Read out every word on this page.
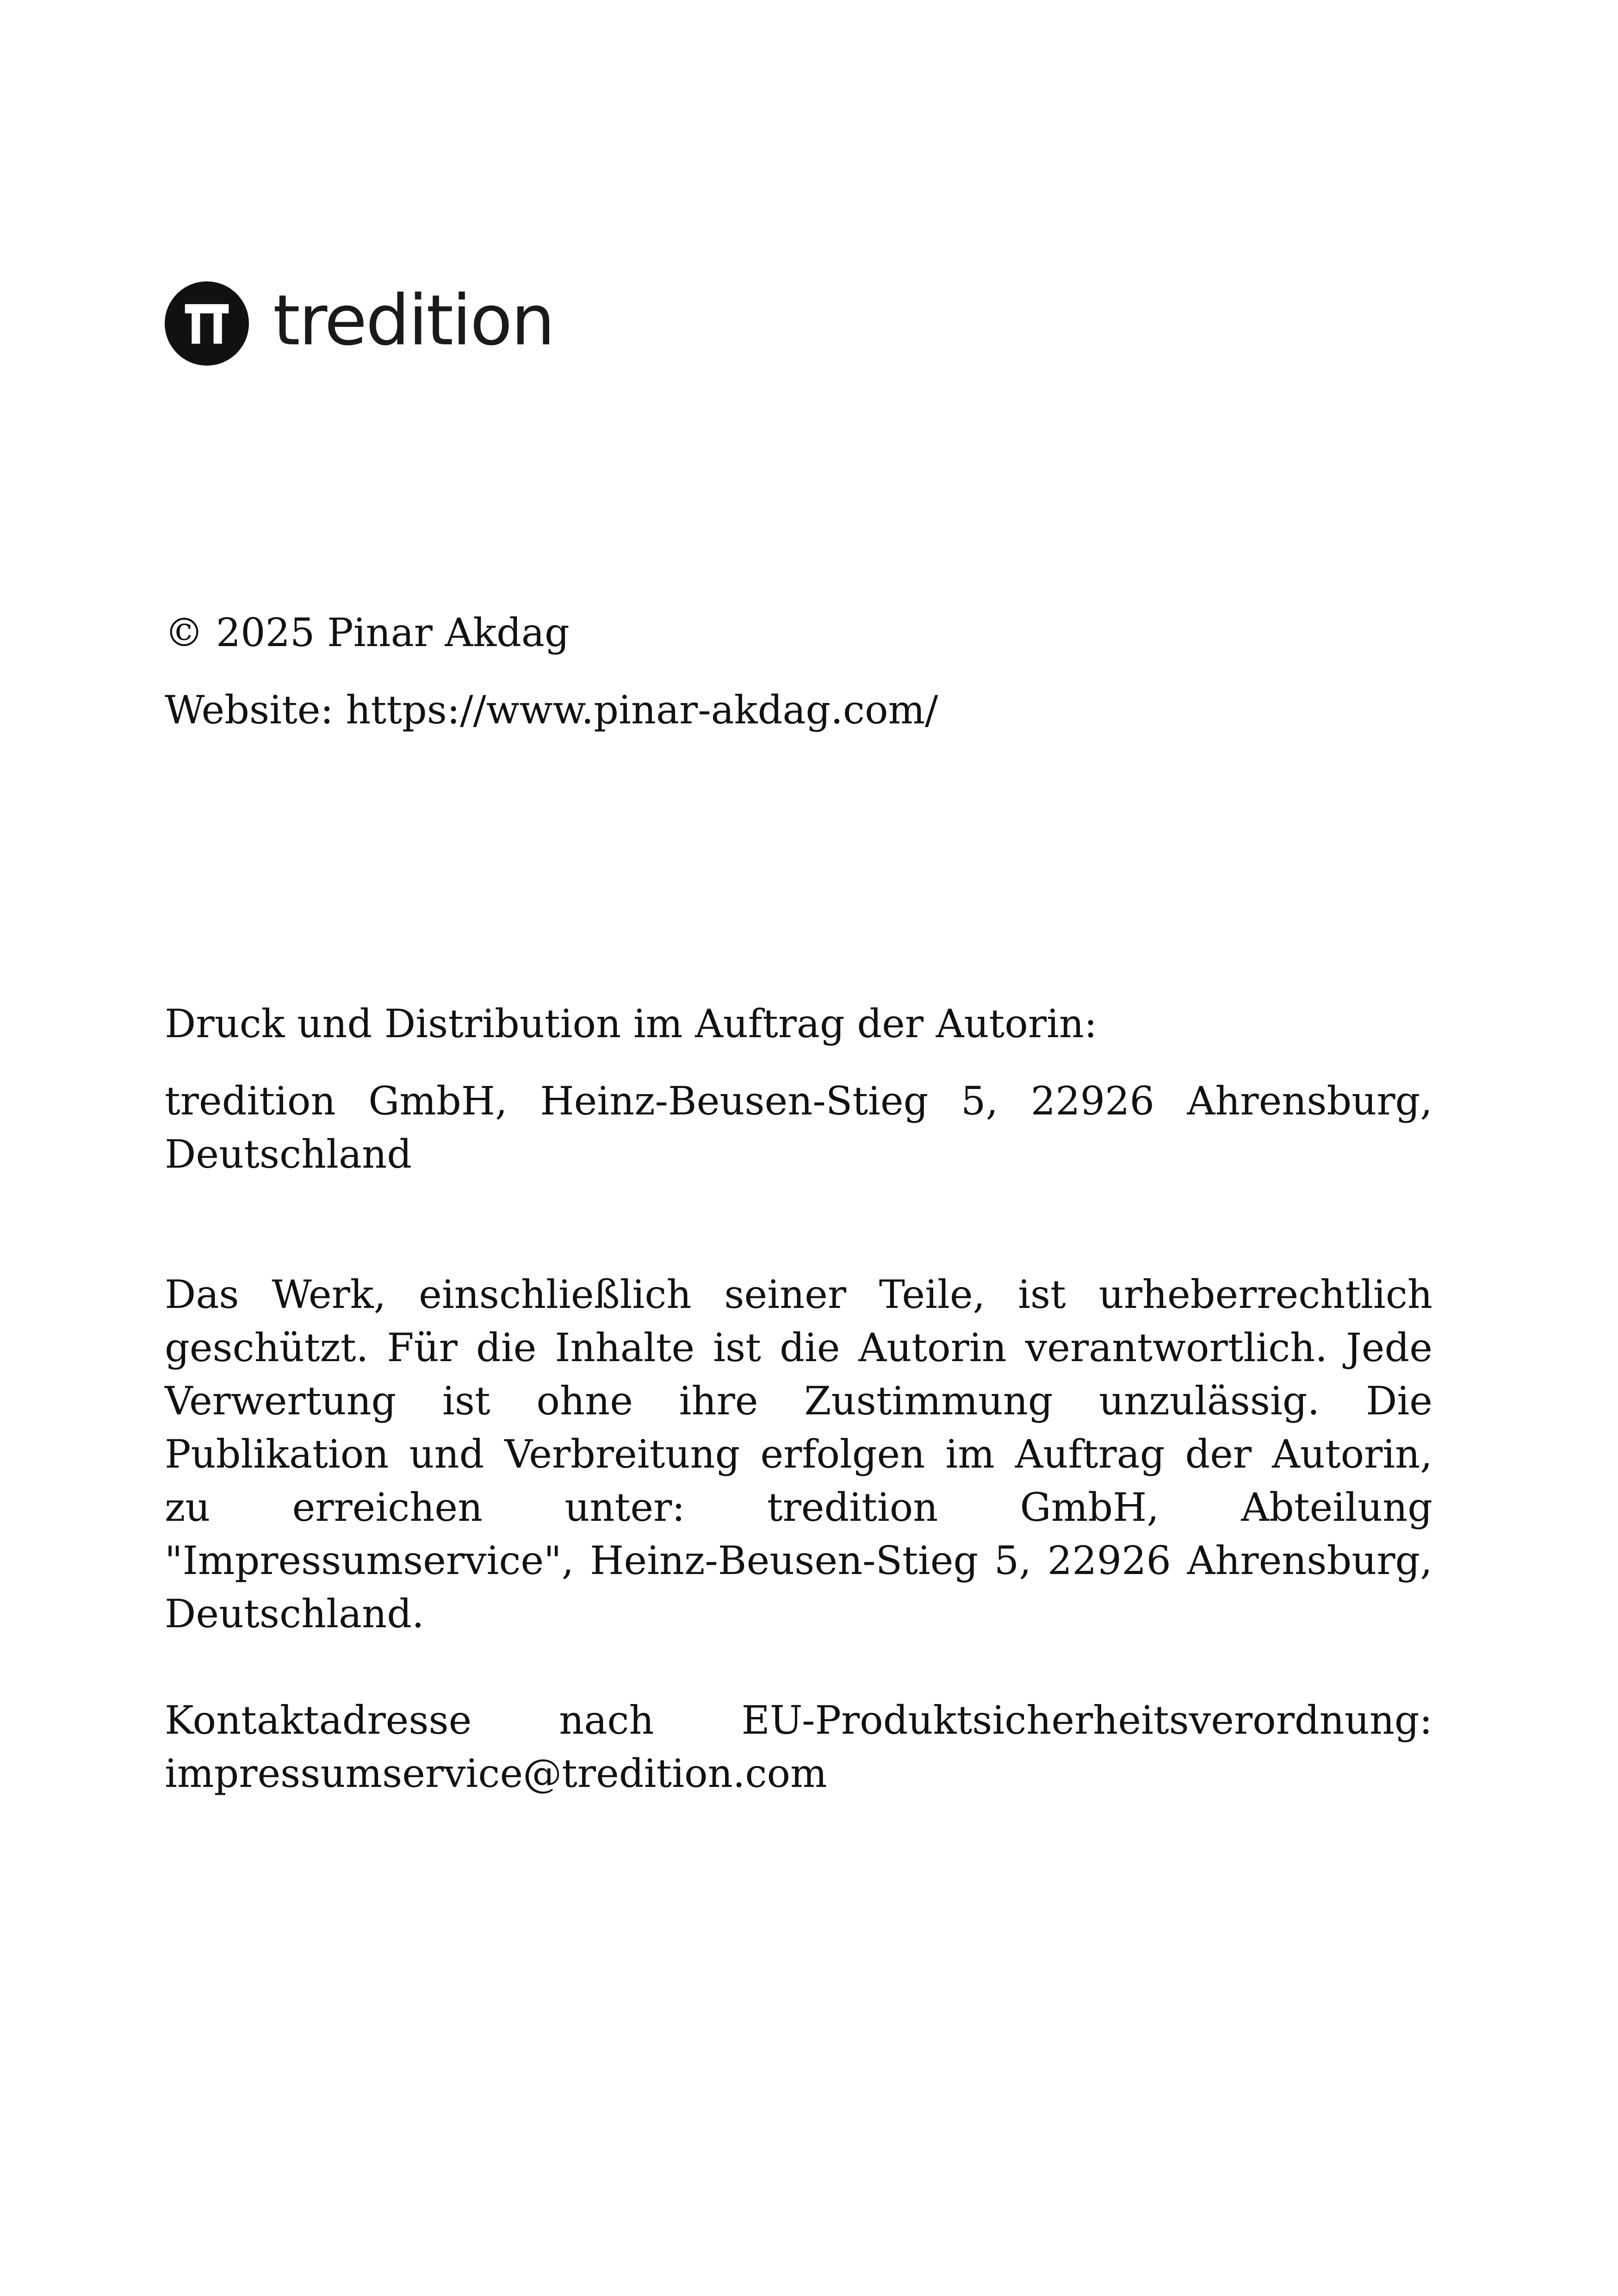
tredition

© 2025 Pinar Akdag

Website: https://www.pinar-akdag.com/

Druck und Distribution im Auftrag der Autorin:

tredition GmbH, Heinz-Beusen-Stieg 5, 22926 Ahrensburg, Deutschland

Das Werk, einschließlich seiner Teile, ist urheberrechtlich geschützt. Für die Inhalte ist die Autorin verantwortlich. Jede Verwertung ist ohne ihre Zustimmung unzulässig. Die Publikation und Verbreitung erfolgen im Auftrag der Autorin, zu erreichen unter: tredition GmbH, Abteilung "Impressumservice", Heinz-Beusen-Stieg 5, 22926 Ahrensburg, Deutschland.
Kontaktadresse nach EU-Produktsicherheitsverordnung: impressumservice@tredition.com
